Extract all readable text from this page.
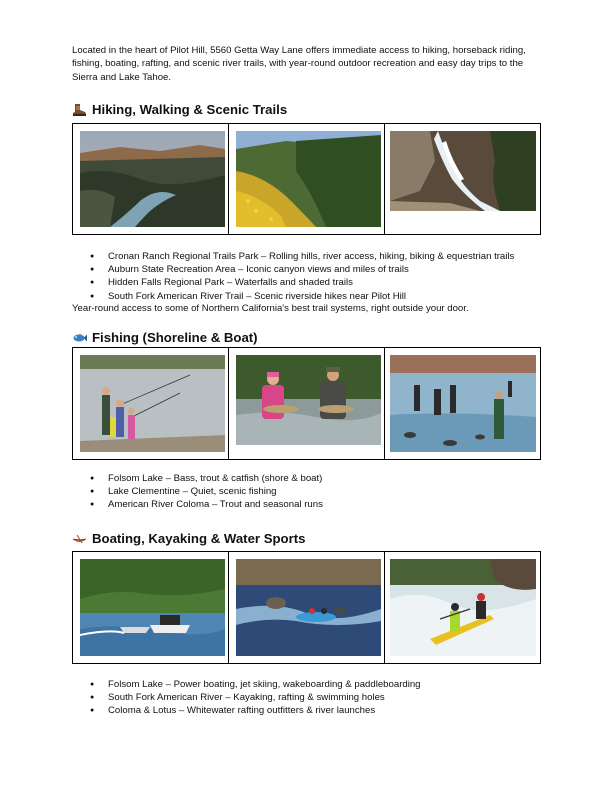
Located in the heart of Pilot Hill, 5560 Getta Way Lane offers immediate access to hiking, horseback riding, fishing, boating, rafting, and scenic river trails, with year-round outdoor recreation and easy day trips to the Sierra and Lake Tahoe.

Hiking, Walking & Scenic Trails

● Cronan Ranch Regional Trails Park – Rolling hills, river access, hiking, biking & equestrian trails
● Auburn State Recreation Area – Iconic canyon views and miles of trails
● Hidden Falls Regional Park – Waterfalls and shaded trails
● South Fork American River Trail – Scenic riverside hikes near Pilot Hill

Year-round access to some of Northern California's best trail systems, right outside your door.

Fishing (Shoreline & Boat)

● Folsom Lake – Bass, trout & catfish (shore & boat)
● Lake Clementine – Quiet, scenic fishing
● American River Coloma – Trout and seasonal runs
Boating, Kayaking & Water Sports

● Folsom Lake – Power boating, jet skiing, wakeboarding & paddleboarding
● South Fork American River – Kayaking, rafting & swimming holes
● Coloma & Lotus – Whitewater rafting outfitters & river launches
